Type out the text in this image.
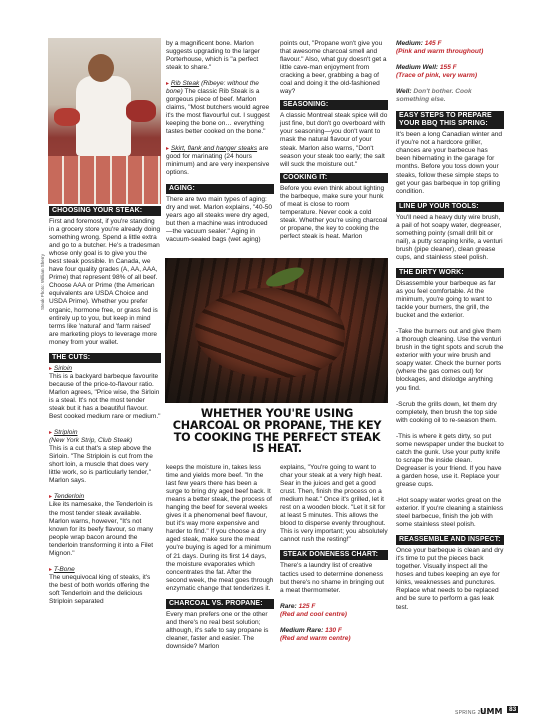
Steak Photo: William Sherry
CHOOSING YOUR STEAK:

First and foremost, if you're standing in a grocery store you're already doing something wrong. Spend a little extra and go to a butcher. He's a tradesman whose only goal is to give you the best steak possible. In Canada, we have four quality grades (A, AA, AAA, Prime) that represent 98% of all beef. Choose AAA or Prime (the American equivalents are USDA Choice and USDA Prime). Whether you prefer organic, hormone free, or grass fed is entirely up to you, but keep in mind terms like 'natural' and 'farm raised' are marketing ploys to leverage more money from your wallet.

THE CUTS:

▸ Sirloin

This is a backyard barbeque favourite because of the price-to-flavour ratio. Marlon agrees, "Price wise, the Sirloin is a steal. It's not the most tender steak but it has a beautiful flavour. Best cooked medium rare or medium."

▸ Striploin

(New York Strip, Club Steak)

This is a cut that's a step above the Sirloin. "The Striploin is cut from the short loin, a muscle that does very little work, so is particularly tender," Marlon says.

▸ Tenderloin

Like its namesake, the Tenderloin is the most tender steak available. Marlon warns, however, "It's not known for its beefy flavour, so many people wrap bacon around the tenderloin transforming it into a Filet Mignon."

▸ T-Bone

The unequivocal king of steaks, it's the best of both worlds offering the soft Tenderloin and the delicious Striploin separated

by a magnificent bone. Marlon suggests upgrading to the larger Porterhouse, which is "a perfect steak to share."

▸ Rib Steak (Ribeye: without the bone) The classic Rib Steak is a gorgeous piece of beef. Marlon claims, "Most butchers would agree it's the most flavourful cut. I suggest keeping the bone on… everything tastes better cooked on the bone."

▸ Skirt, flank and hanger steaks are good for marinating (24 hours minimum) and are very inexpensive options.

AGING:

There are two main types of aging: dry and wet. Marlon explains, "40-50 years ago all steaks were dry aged, but then a machine was introduced—the vacuum sealer." Aging in vacuum-sealed bags (wet aging)

points out, "Propane won't give you that awesome charcoal smell and flavour." Also, what guy doesn't get a little cave-man enjoyment from cracking a beer, grabbing a bag of coal and doing it the old-fashioned way?

SEASONING:

A classic Montreal steak spice will do just fine, but don't go overboard with your seasoning—you don't want to mask the natural flavour of your steak. Marlon also warns, "Don't season your steak too early; the salt will suck the moisture out."

COOKING IT:

Before you even think about lighting the barbeque, make sure your hunk of meat is close to room temperature. Never cook a cold steak. Whether you're using charcoal or propane, the key to cooking the perfect steak is heat. Marlon

WHETHER YOU'RE USING CHARCOAL OR PROPANE, THE KEY TO COOKING THE PERFECT STEAK IS HEAT.

keeps the moisture in, takes less time and yields more beef. "In the last few years there has been a surge to bring dry aged beef back. It means a better steak, the process of hanging the beef for several weeks gives it a phenomenal beef flavour, but it's way more expensive and harder to find." If you choose a dry aged steak, make sure the meat you're buying is aged for a minimum of 21 days. During its first 14 days, the moisture evaporates which concentrates the fat. After the second week, the meat goes through enzymatic change that tenderizes it.

CHARCOAL VS. PROPANE:

Every man prefers one or the other and there's no real best solution; although, it's safe to say propane is cleaner, faster and easier. The downside? Marlon

explains, "You're going to want to char your steak at a very high heat. Sear in the juices and get a good crust. Then, finish the process on a medium heat." Once it's grilled, let it rest on a wooden block. "Let it sit for at least 5 minutes. This allows the blood to disperse evenly throughout. This is very important; you absolutely cannot rush the resting!"

STEAK DONENESS CHART:

There's a laundry list of creative tactics used to determine doneness but there's no shame in bringing out a meat thermometer.

Rare: 125 F

(Red and cool centre)

Medium Rare: 130 F

(Red and warm centre)

Medium: 145 F

(Pink and warm throughout)

Medium Well: 155 F

(Trace of pink, very warm)

Well: Don't bother. Cook something else.

EASY STEPS TO PREPARE YOUR BBQ THIS SPRING:

It's been a long Canadian winter and if you're not a hardcore griller, chances are your barbecue has been hibernating in the garage for months. Before you toss down your steaks, follow these simple steps to get your gas barbeque in top grilling condition.

LINE UP YOUR TOOLS:

You'll need a heavy duty wire brush, a pail of hot soapy water, degreaser, something pointy (small drill bit or nail), a putty scraping knife, a venturi brush (pipe cleaner), clean grease cups, and stainless steel polish.

THE DIRTY WORK:

Disassemble your barbeque as far as you feel comfortable. At the minimum, you're going to want to tackle your burners, the grill, the bucket and the exterior.

-Take the burners out and give them a thorough cleaning. Use the venturi brush in the tight spots and scrub the exterior with your wire brush and soapy water. Check the burner ports (where the gas comes out) for blockages, and dislodge anything you find.

-Scrub the grills down, let them dry completely, then brush the top side with cooking oil to re-season them.

-This is where it gets dirty, so put some newspaper under the bucket to catch the gunk. Use your putty knife to scrape the inside clean. Degreaser is your friend. If you have a garden hose, use it. Replace your grease cups.

-Hot soapy water works great on the exterior. If you're cleaning a stainless steel barbecue, finish the job with some stainless steel polish.

REASSEMBLE AND INSPECT:

Once your barbeque is clean and dry it's time to put the pieces back together. Visually inspect all the hoses and tubes keeping an eye for kinks, weaknesses and punctures. Replace what needs to be replaced and be sure to perform a gas leak test.

SPRING 2011
UMM	83
